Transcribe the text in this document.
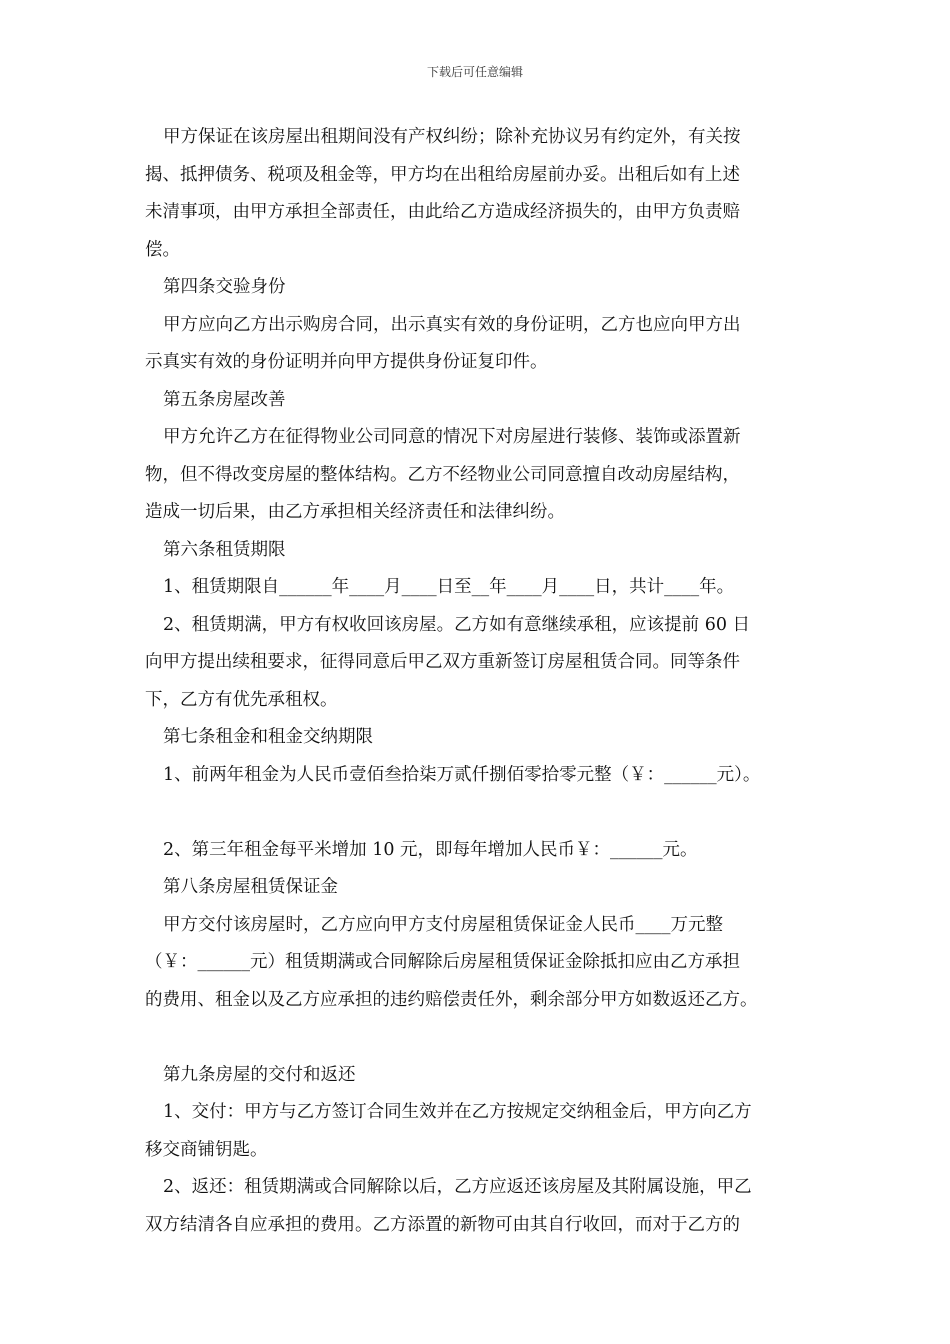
下载后可任意编辑

甲方保证在该房屋出租期间没有产权纠纷；除补充协议另有约定外，有关按

揭、抵押债务、税项及租金等，甲方均在出租给房屋前办妥。出租后如有上述

未清事项，由甲方承担全部责任，由此给乙方造成经济损失的，由甲方负责赔

偿。

第四条交验身份

甲方应向乙方出示购房合同，出示真实有效的身份证明，乙方也应向甲方出

示真实有效的身份证明并向甲方提供身份证复印件。

第五条房屋改善

甲方允许乙方在征得物业公司同意的情况下对房屋进行装修、装饰或添置新

物，但不得改变房屋的整体结构。乙方不经物业公司同意擅自改动房屋结构，

造成一切后果，由乙方承担相关经济责任和法律纠纷。

第六条租赁期限

1、租赁期限自______年____月____日至__年____月____日，共计____年。

2、租赁期满，甲方有权收回该房屋。乙方如有意继续承租，应该提前 60 日

向甲方提出续租要求，征得同意后甲乙双方重新签订房屋租赁合同。同等条件

下，乙方有优先承租权。

第七条租金和租金交纳期限

1、前两年租金为人民币壹佰叁拾柒万贰仟捌佰零拾零元整（￥：______元）。

2、第三年租金每平米增加 10 元，即每年增加人民币￥：______元。

第八条房屋租赁保证金

甲方交付该房屋时，乙方应向甲方支付房屋租赁保证金人民币____万元整

（￥：______元）租赁期满或合同解除后房屋租赁保证金除抵扣应由乙方承担

的费用、租金以及乙方应承担的违约赔偿责任外，剩余部分甲方如数返还乙方。

第九条房屋的交付和返还

1、交付：甲方与乙方签订合同生效并在乙方按规定交纳租金后，甲方向乙方

移交商铺钥匙。

2、返还：租赁期满或合同解除以后，乙方应返还该房屋及其附属设施，甲乙

双方结清各自应承担的费用。乙方添置的新物可由其自行收回，而对于乙方的
